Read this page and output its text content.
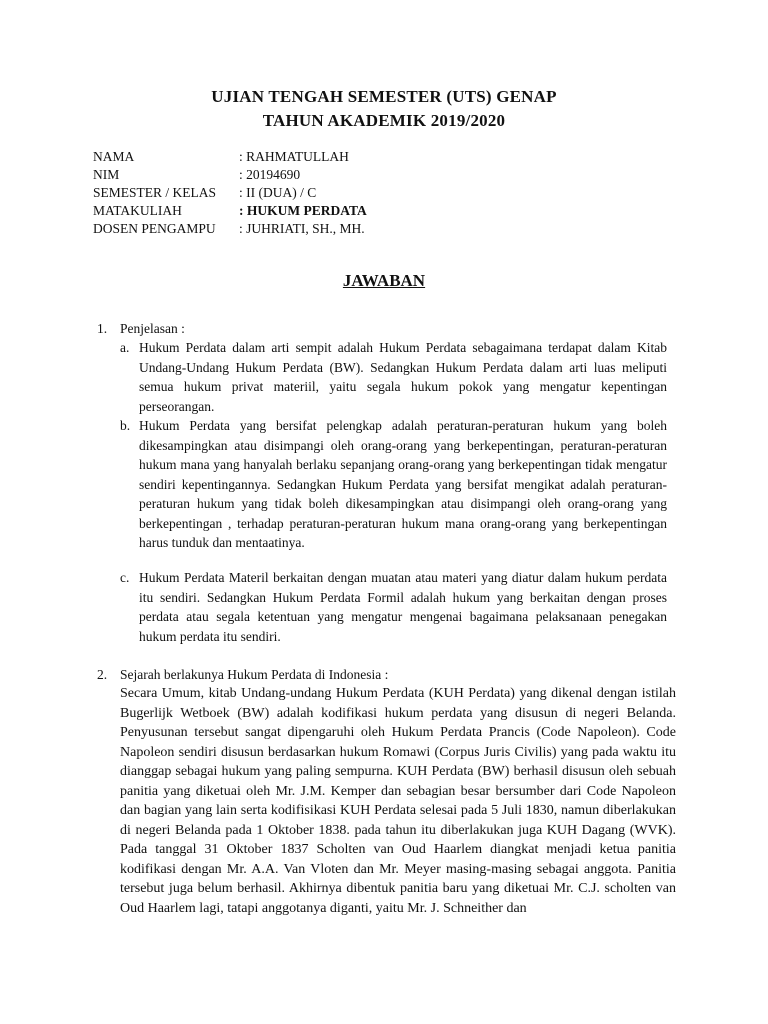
UJIAN TENGAH SEMESTER (UTS) GENAP
TAHUN AKADEMIK 2019/2020
NAMA	: RAHMATULLAH
NIM	: 20194690
SEMESTER / KELAS	: II (DUA) / C
MATAKULIAH	: HUKUM PERDATA
DOSEN PENGAMPU	: JUHRIATI, SH., MH.
JAWABAN
1. Penjelasan :
a. Hukum Perdata dalam arti sempit adalah Hukum Perdata sebagaimana terdapat dalam Kitab Undang-Undang Hukum Perdata (BW). Sedangkan Hukum Perdata dalam arti luas meliputi semua hukum privat materiil, yaitu segala hukum pokok yang mengatur kepentingan perseorangan.
b. Hukum Perdata yang bersifat pelengkap adalah peraturan-peraturan hukum yang boleh dikesampingkan atau disimpangi oleh orang-orang yang berkepentingan, peraturan-peraturan hukum mana yang hanyalah berlaku sepanjang orang-orang yang berkepentingan tidak mengatur sendiri kepentingannya. Sedangkan Hukum Perdata yang bersifat mengikat adalah peraturan-peraturan hukum yang tidak boleh dikesampingkan atau disimpangi oleh orang-orang yang berkepentingan , terhadap peraturan-peraturan hukum mana orang-orang yang berkepentingan harus tunduk dan mentaatinya.
c. Hukum Perdata Materil berkaitan dengan muatan atau materi yang diatur dalam hukum perdata itu sendiri. Sedangkan Hukum Perdata Formil adalah hukum yang berkaitan dengan proses perdata atau segala ketentuan yang mengatur mengenai bagaimana pelaksanaan penegakan hukum perdata itu sendiri.
2. Sejarah berlakunya Hukum Perdata di Indonesia :
Secara Umum, kitab Undang-undang Hukum Perdata (KUH Perdata) yang dikenal dengan istilah Bugerlijk Wetboek (BW) adalah kodifikasi hukum perdata yang disusun di negeri Belanda. Penyusunan tersebut sangat dipengaruhi oleh Hukum Perdata Prancis (Code Napoleon). Code Napoleon sendiri disusun berdasarkan hukum Romawi (Corpus Juris Civilis) yang pada waktu itu dianggap sebagai hukum yang paling sempurna. KUH Perdata (BW) berhasil disusun oleh sebuah panitia yang diketuai oleh Mr. J.M. Kemper dan sebagian besar bersumber dari Code Napoleon dan bagian yang lain serta kodifisikasi KUH Perdata selesai pada 5 Juli 1830, namun diberlakukan di negeri Belanda pada 1 Oktober 1838. pada tahun itu diberlakukan juga KUH Dagang (WVK). Pada tanggal 31 Oktober 1837 Scholten van Oud Haarlem diangkat menjadi ketua panitia kodifikasi dengan Mr. A.A. Van Vloten dan Mr. Meyer masing-masing sebagai anggota. Panitia tersebut juga belum berhasil. Akhirnya dibentuk panitia baru yang diketuai Mr. C.J. scholten van Oud Haarlem lagi, tatapi anggotanya diganti, yaitu Mr. J. Schneither dan
